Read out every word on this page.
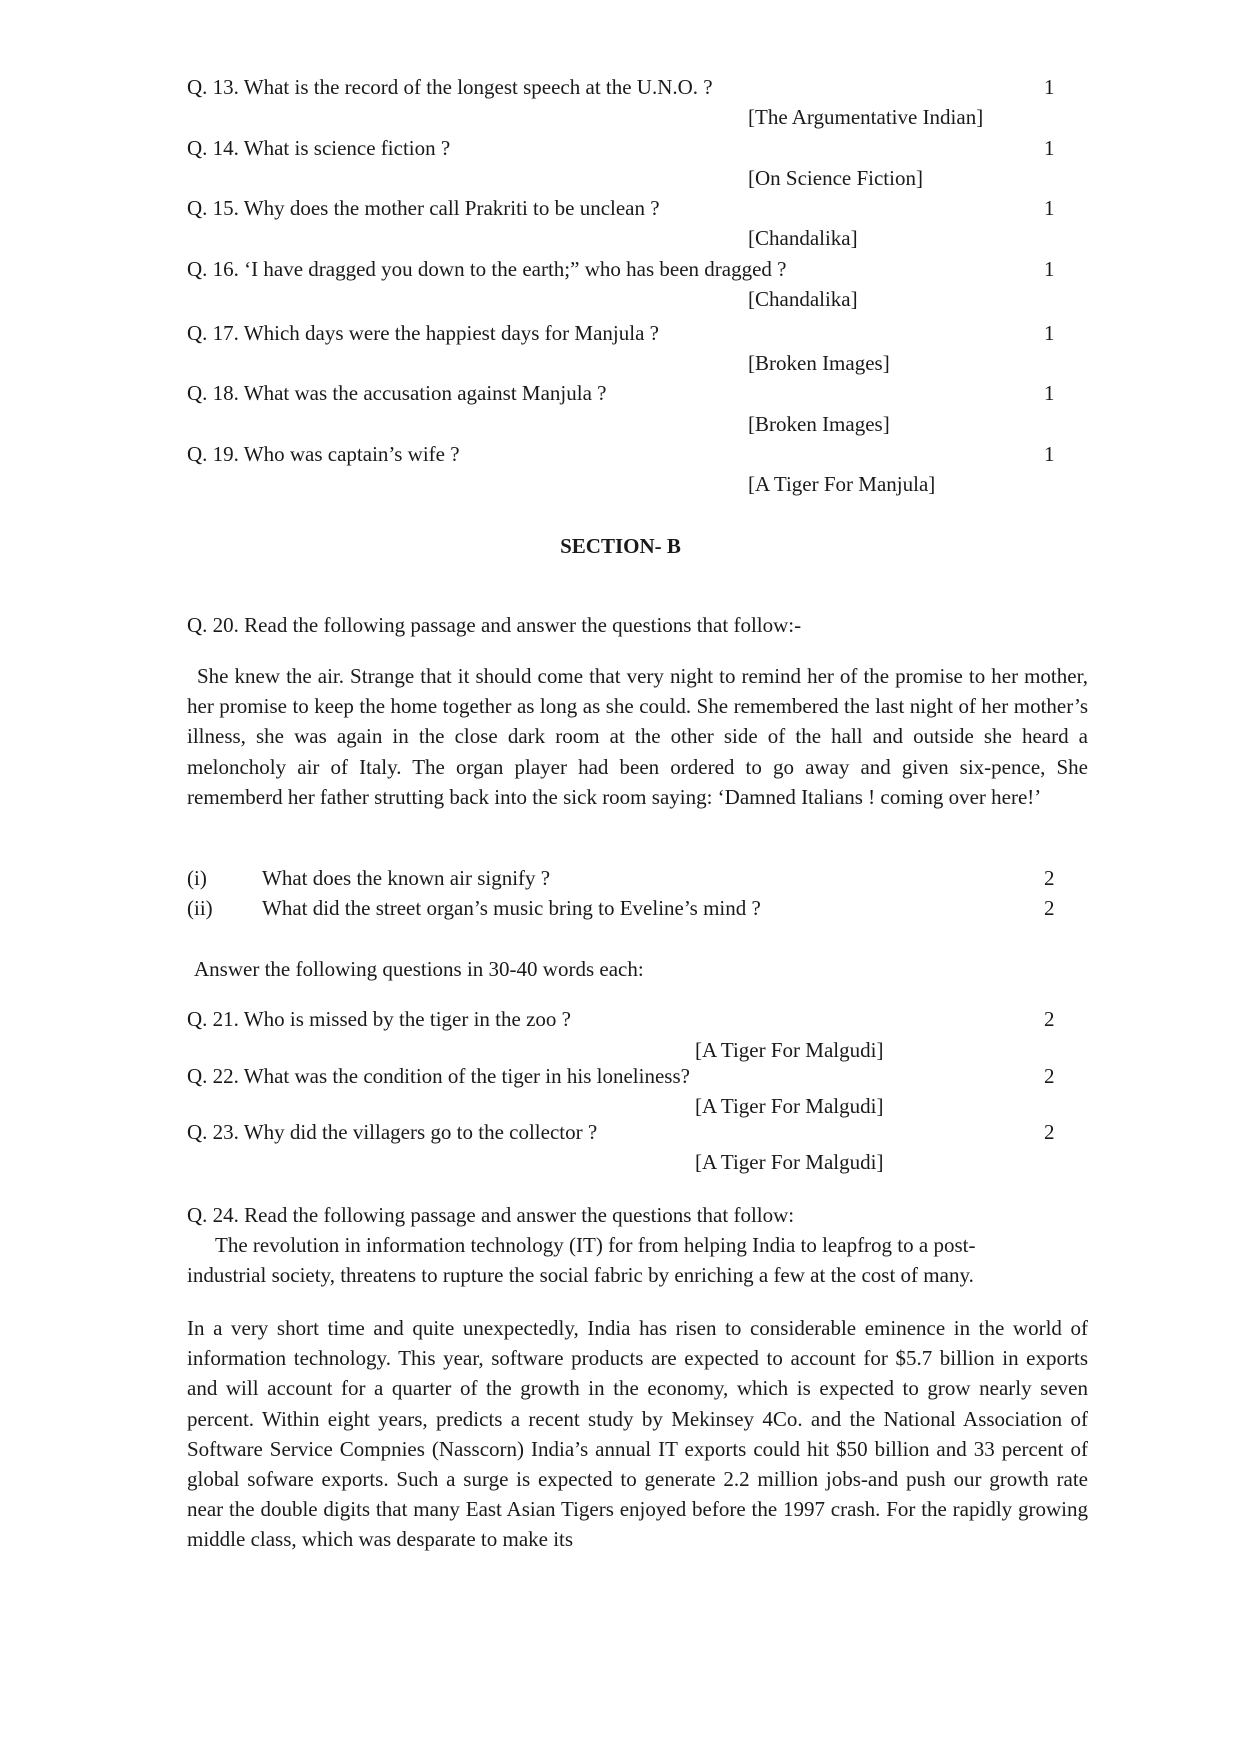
Q. 13. What is the record of the longest speech at the U.N.O. ?	1
[The Argumentative Indian]
Q. 14. What is science fiction ?	1
[On Science Fiction]
Q. 15. Why does the mother call Prakriti to be unclean ?	1
[Chandalika]
Q. 16. ‘I have dragged you down to the earth;” who has been dragged ?	1
[Chandalika]
Q. 17. Which days were the happiest days for Manjula ?	1
[Broken Images]
Q. 18. What was the accusation against Manjula ?	1
[Broken Images]
Q. 19. Who was captain’s wife ?	1
[A Tiger For Manjula]
SECTION- B
Q. 20. Read the following passage and answer the questions that follow:-

She knew the air. Strange that it should come that very night to remind her of the promise to her mother, her promise to keep the home together as long as she could. She remembered the last night of her mother’s illness, she was again in the close dark room at the other side of the hall and outside she heard a meloncholy air of Italy. The organ player had been ordered to go away and given six-pence, She rememberd her father strutting back into the sick room saying: ‘Damned Italians ! coming over here!’

(i)	What does the known air signify ?	2
(ii) What did the street organ’s music bring to Eveline’s mind ?	2
Answer the following questions in 30-40 words each:
Q. 21. Who is missed by the tiger in the zoo ?	2
[A Tiger For Malgudi]
Q. 22. What was the condition of the tiger in his loneliness?	2
[A Tiger For Malgudi]
Q. 23. Why did the villagers go to the collector ?	2
[A Tiger For Malgudi]
Q. 24. Read the following passage and answer the questions that follow:
The revolution in information technology (IT) for from helping India to leapfrog to a post-
industrial society, threatens to rupture the social fabric by enriching a few at the cost of many.

In a very short time and quite unexpectedly, India has risen to considerable eminence in the world of information technology. This year, software products are expected to account for $5.7 billion in exports and will account for a quarter of the growth in the economy, which is expected to grow nearly seven percent. Within eight years, predicts a recent study by Mekinsey 4Co. and the National Association of Software Service Compnies (Nasscorn) India’s annual IT exports could hit $50 billion and 33 percent of global sofware exports. Such a surge is expected to generate 2.2 million jobs-and push our growth rate near the double digits that many East Asian Tigers enjoyed before the 1997 crash. For the rapidly growing middle class, which was desparate to make its
